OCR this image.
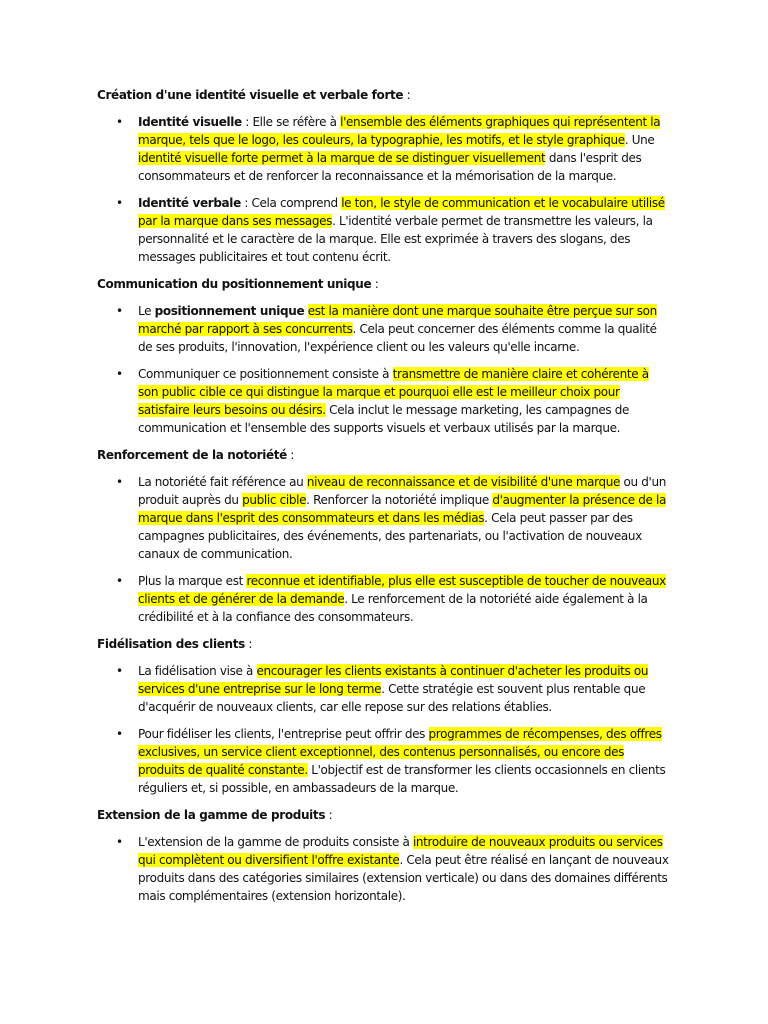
Création d'une identité visuelle et verbale forte :

• Identité visuelle : Elle se réfère à l'ensemble des éléments graphiques qui représentent la marque, tels que le logo, les couleurs, la typographie, les motifs, et le style graphique. Une identité visuelle forte permet à la marque de se distinguer visuellement dans l'esprit des consommateurs et de renforcer la reconnaissance et la mémorisation de la marque.
• Identité verbale : Cela comprend le ton, le style de communication et le vocabulaire utilisé par la marque dans ses messages. L'identité verbale permet de transmettre les valeurs, la personnalité et le caractère de la marque. Elle est exprimée à travers des slogans, des messages publicitaires et tout contenu écrit.

Communication du positionnement unique :

• Le positionnement unique est la manière dont une marque souhaite être perçue sur son marché par rapport à ses concurrents. Cela peut concerner des éléments comme la qualité de ses produits, l'innovation, l'expérience client ou les valeurs qu'elle incarne.
• Communiquer ce positionnement consiste à transmettre de manière claire et cohérente à son public cible ce qui distingue la marque et pourquoi elle est le meilleur choix pour satisfaire leurs besoins ou désirs. Cela inclut le message marketing, les campagnes de communication et l'ensemble des supports visuels et verbaux utilisés par la marque.

Renforcement de la notoriété :

• La notoriété fait référence au niveau de reconnaissance et de visibilité d'une marque ou d'un produit auprès du public cible. Renforcer la notoriété implique d'augmenter la présence de la marque dans l'esprit des consommateurs et dans les médias. Cela peut passer par des campagnes publicitaires, des événements, des partenariats, ou l'activation de nouveaux canaux de communication.
• Plus la marque est reconnue et identifiable, plus elle est susceptible de toucher de nouveaux clients et de générer de la demande. Le renforcement de la notoriété aide également à la crédibilité et à la confiance des consommateurs.

Fidélisation des clients :

• La fidélisation vise à encourager les clients existants à continuer d'acheter les produits ou services d'une entreprise sur le long terme. Cette stratégie est souvent plus rentable que d'acquérir de nouveaux clients, car elle repose sur des relations établies.
• Pour fidéliser les clients, l'entreprise peut offrir des programmes de récompenses, des offres exclusives, un service client exceptionnel, des contenus personnalisés, ou encore des produits de qualité constante. L'objectif est de transformer les clients occasionnels en clients réguliers et, si possible, en ambassadeurs de la marque.

Extension de la gamme de produits :

• L'extension de la gamme de produits consiste à introduire de nouveaux produits ou services qui complètent ou diversifient l'offre existante. Cela peut être réalisé en lançant de nouveaux produits dans des catégories similaires (extension verticale) ou dans des domaines différents mais complémentaires (extension horizontale).
